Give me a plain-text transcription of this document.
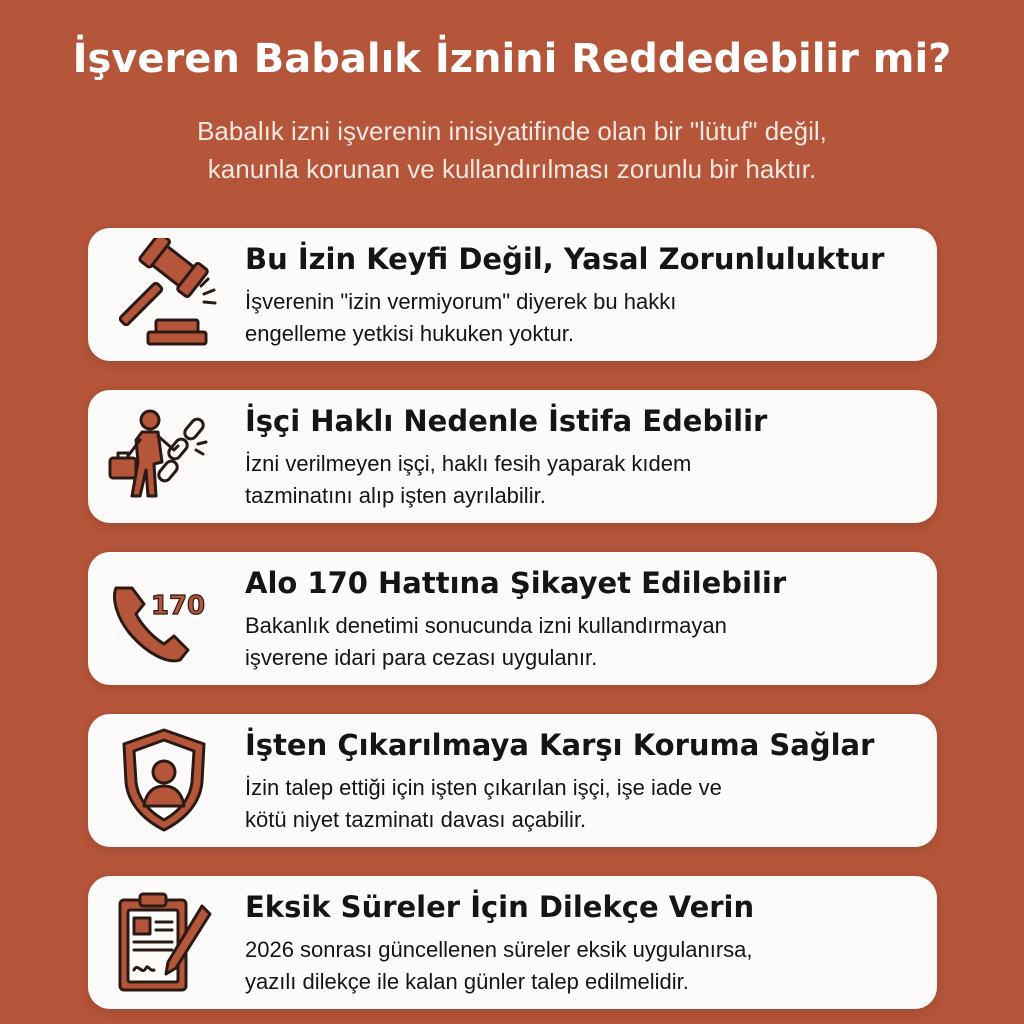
İşveren Babalık İznini Reddedebilir mi?
Babalık izni işverenin inisiyatifinde olan bir "lütuf" değil,
kanunla korunan ve kullandırılması zorunlu bir haktır.
Bu İzin Keyfi Değil, Yasal Zorunluluktur
İşverenin "izin vermiyorum" diyerek bu hakkı
engelleme yetkisi hukuken yoktur.
İşçi Haklı Nedenle İstifa Edebilir
İzni verilmeyen işçi, haklı fesih yaparak kıdem
tazminatını alıp işten ayrılabilir.
170
Alo 170 Hattına Şikayet Edilebilir
Bakanlık denetimi sonucunda izni kullandırmayan
işverene idari para cezası uygulanır.
İşten Çıkarılmaya Karşı Koruma Sağlar
İzin talep ettiği için işten çıkarılan işçi, işe iade ve
kötü niyet tazminatı davası açabilir.
Eksik Süreler İçin Dilekçe Verin
2026 sonrası güncellenen süreler eksik uygulanırsa,
yazılı dilekçe ile kalan günler talep edilmelidir.
